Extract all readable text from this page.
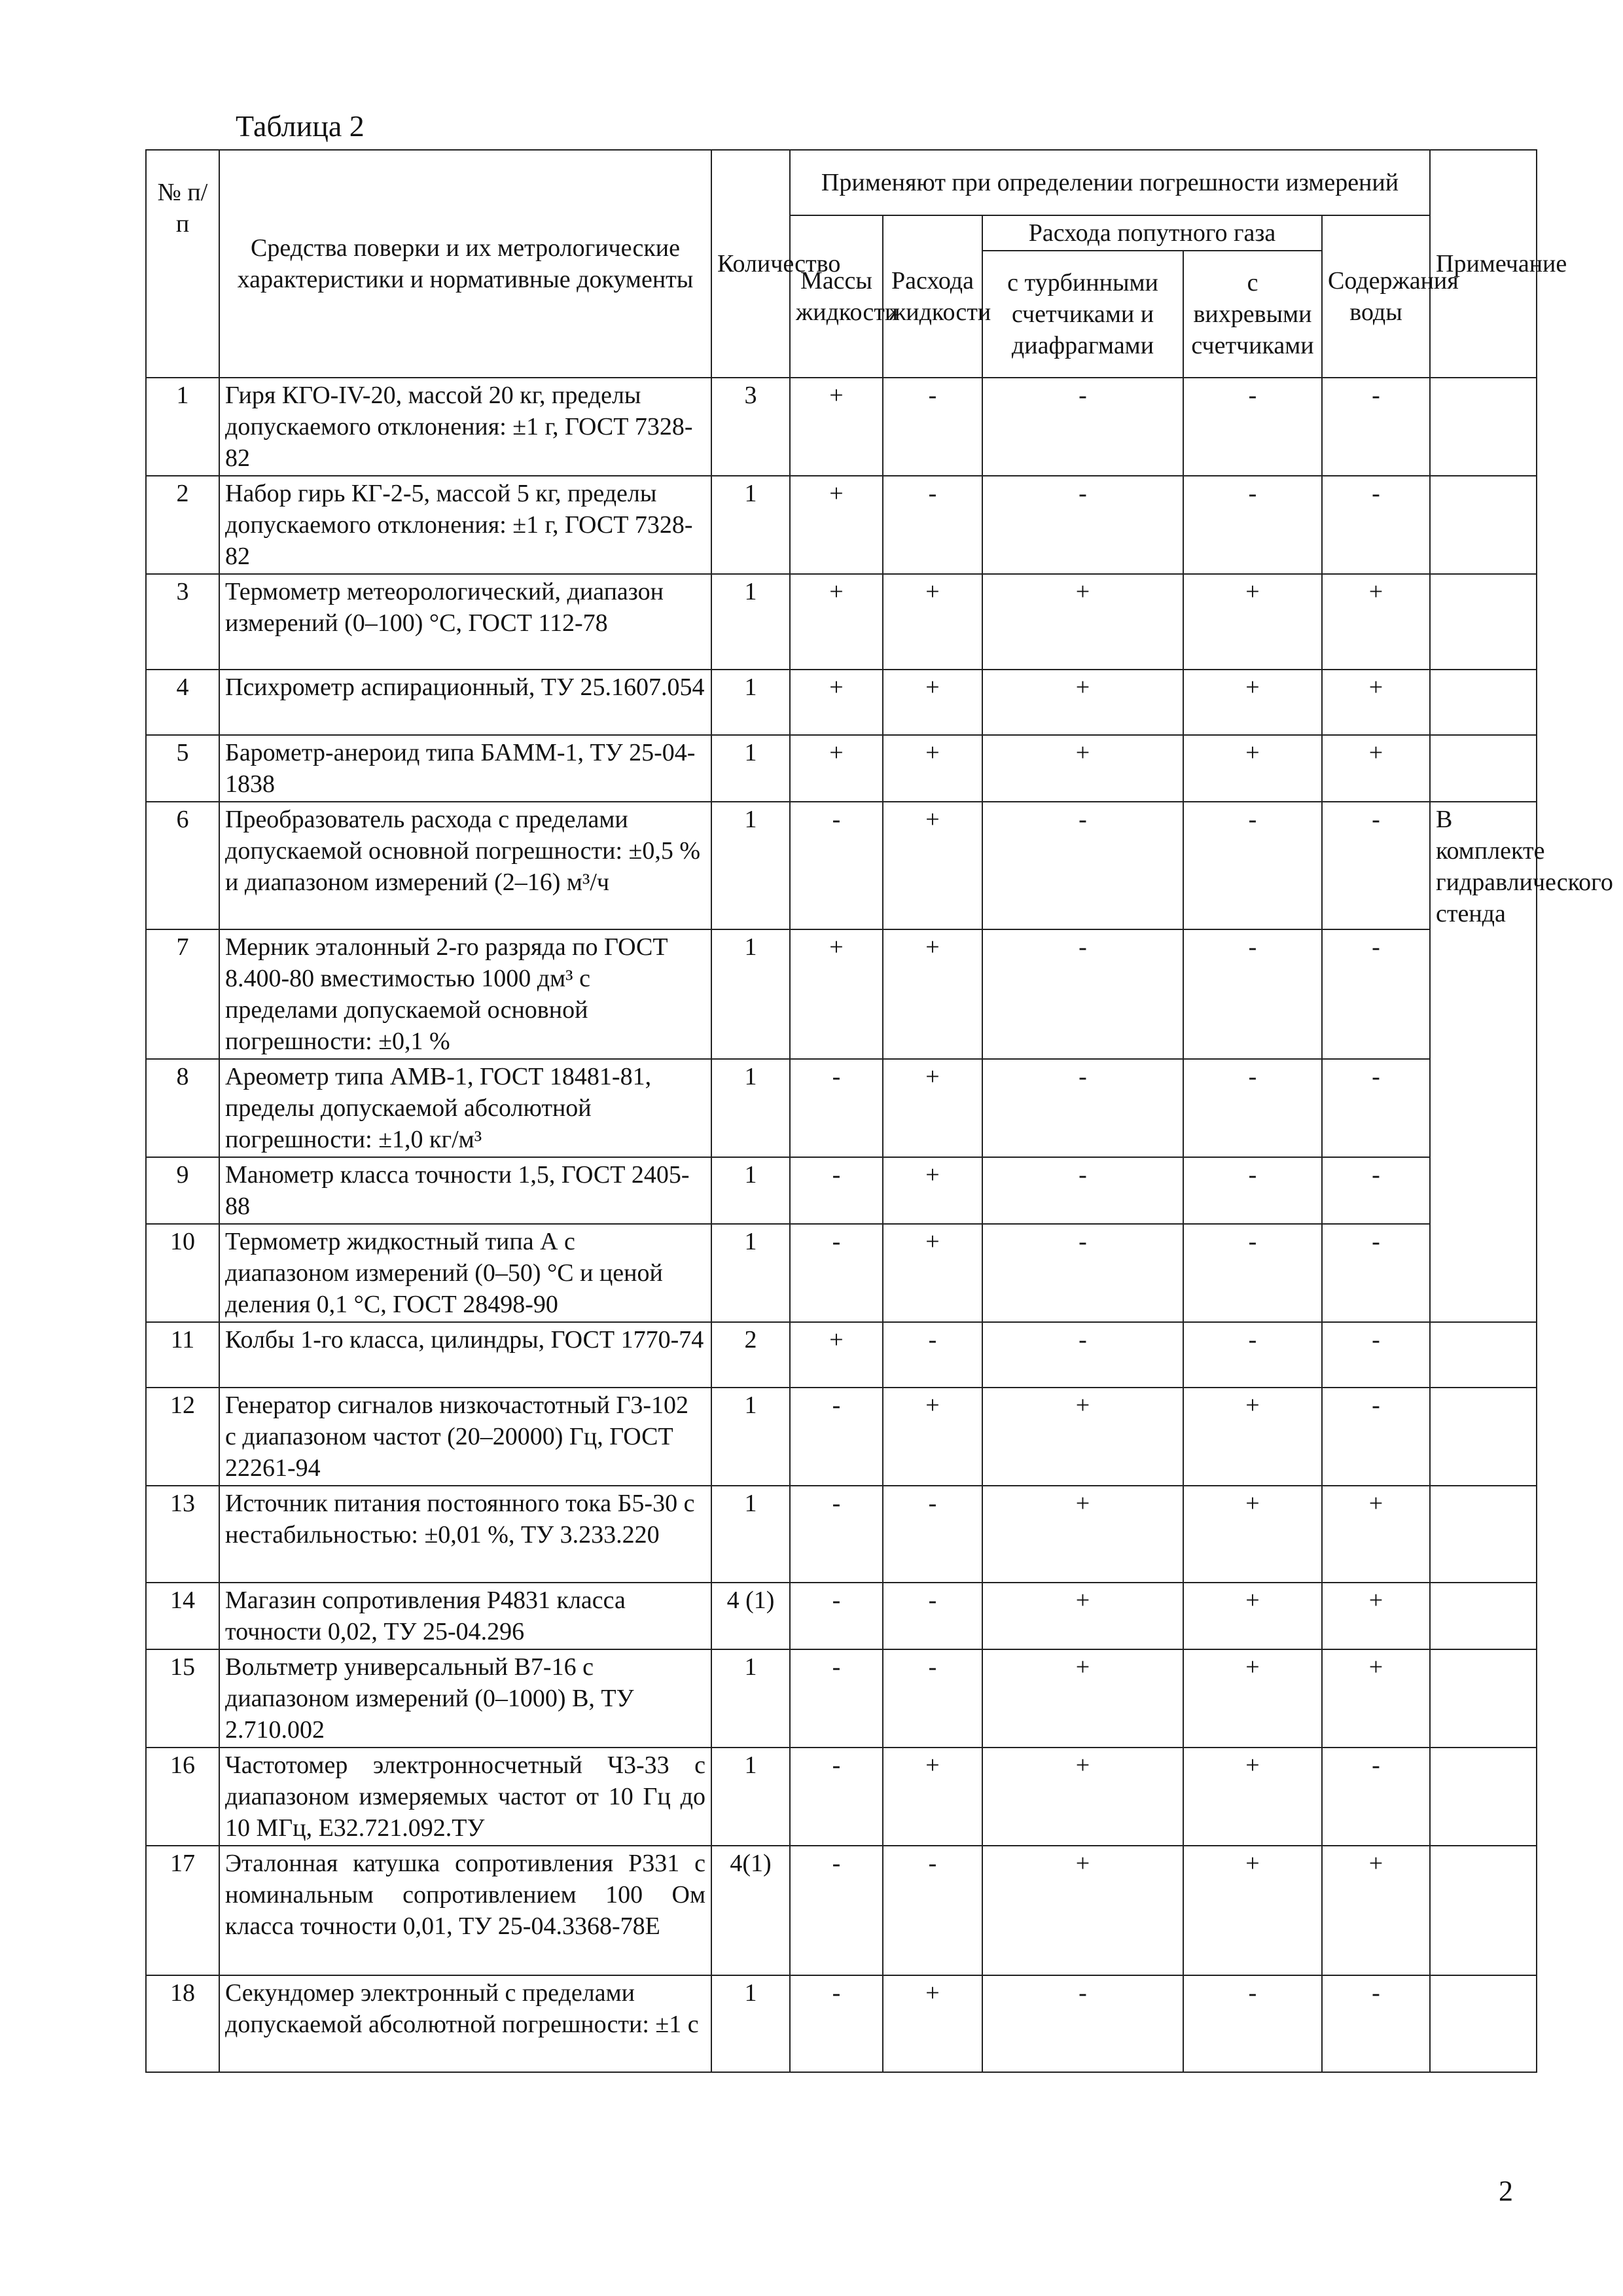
Таблица 2
№ п/п	Средства поверки и их метрологические характеристики и нормативные документы	Количество	Применяют при определении погрешности измерений					Примечание
			Массы жидкости	Расхода жидкости	Расхода попутного газа		Содержания воды	
					с турбинными счетчиками и диафрагмами	с вихревыми счетчиками		
1	Гиря КГО-IV-20, массой 20 кг, пределы допускаемого отклонения: ±1 г, ГОСТ 7328-82	3	+	-	-	-	-	
2	Набор гирь КГ-2-5, массой 5 кг, пределы допускаемого отклонения: ±1 г, ГОСТ 7328-82	1	+	-	-	-	-	
3	Термометр метеорологический, диапазон измерений (0–100) °С, ГОСТ 112-78	1	+	+	+	+	+	
4	Психрометр аспирационный, ТУ 25.1607.054	1	+	+	+	+	+	
5	Барометр-анероид типа БАММ-1, ТУ 25-04-1838	1	+	+	+	+	+	
6	Преобразователь расхода с пределами допускаемой основной погрешности: ±0,5 % и диапазоном измерений (2–16) м³/ч	1	-	+	-	-	-	В комплекте гидравлического стенда
7	Мерник эталонный 2-го разряда по ГОСТ 8.400-80 вместимостью 1000 дм³ с пределами допускаемой основной погрешности: ±0,1 %	1	+	+	-	-	-	
8	Ареометр типа АМВ-1, ГОСТ 18481-81, пределы допускаемой абсолютной погрешности: ±1,0 кг/м³	1	-	+	-	-	-	
9	Манометр класса точности 1,5, ГОСТ 2405-88	1	-	+	-	-	-	
10	Термометр жидкостный типа А с диапазоном измерений (0–50) °С и ценой деления 0,1 °С, ГОСТ 28498-90	1	-	+	-	-	-	
11	Колбы 1-го класса, цилиндры, ГОСТ 1770-74	2	+	-	-	-	-	
12	Генератор сигналов низкочастотный Г3-102 с диапазоном частот (20–20000) Гц, ГОСТ 22261-94	1	-	+	+	+	-	
13	Источник питания постоянного тока Б5-30 с нестабильностью: ±0,01 %, ТУ 3.233.220	1	-	-	+	+	+	
14	Магазин сопротивления Р4831 класса точности 0,02, ТУ 25-04.296	4 (1)	-	-	+	+	+	
15	Вольтметр универсальный В7-16 с диапазоном измерений (0–1000) В, ТУ 2.710.002	1	-	-	+	+	+	
16	Частотомер электронносчетный Ч3-33 с диапазоном измеряемых частот от 10 Гц до 10 МГц, Е32.721.092.ТУ	1	-	+	+	+	-	
17	Эталонная катушка сопротивления Р331 с номинальным сопротивлением 100 Ом класса точности 0,01, ТУ 25-04.3368-78Е	4(1)	-	-	+	+	+	
18	Секундомер электронный с пределами допускаемой абсолютной погрешности: ±1 с	1	-	+	-	-	-	
2
